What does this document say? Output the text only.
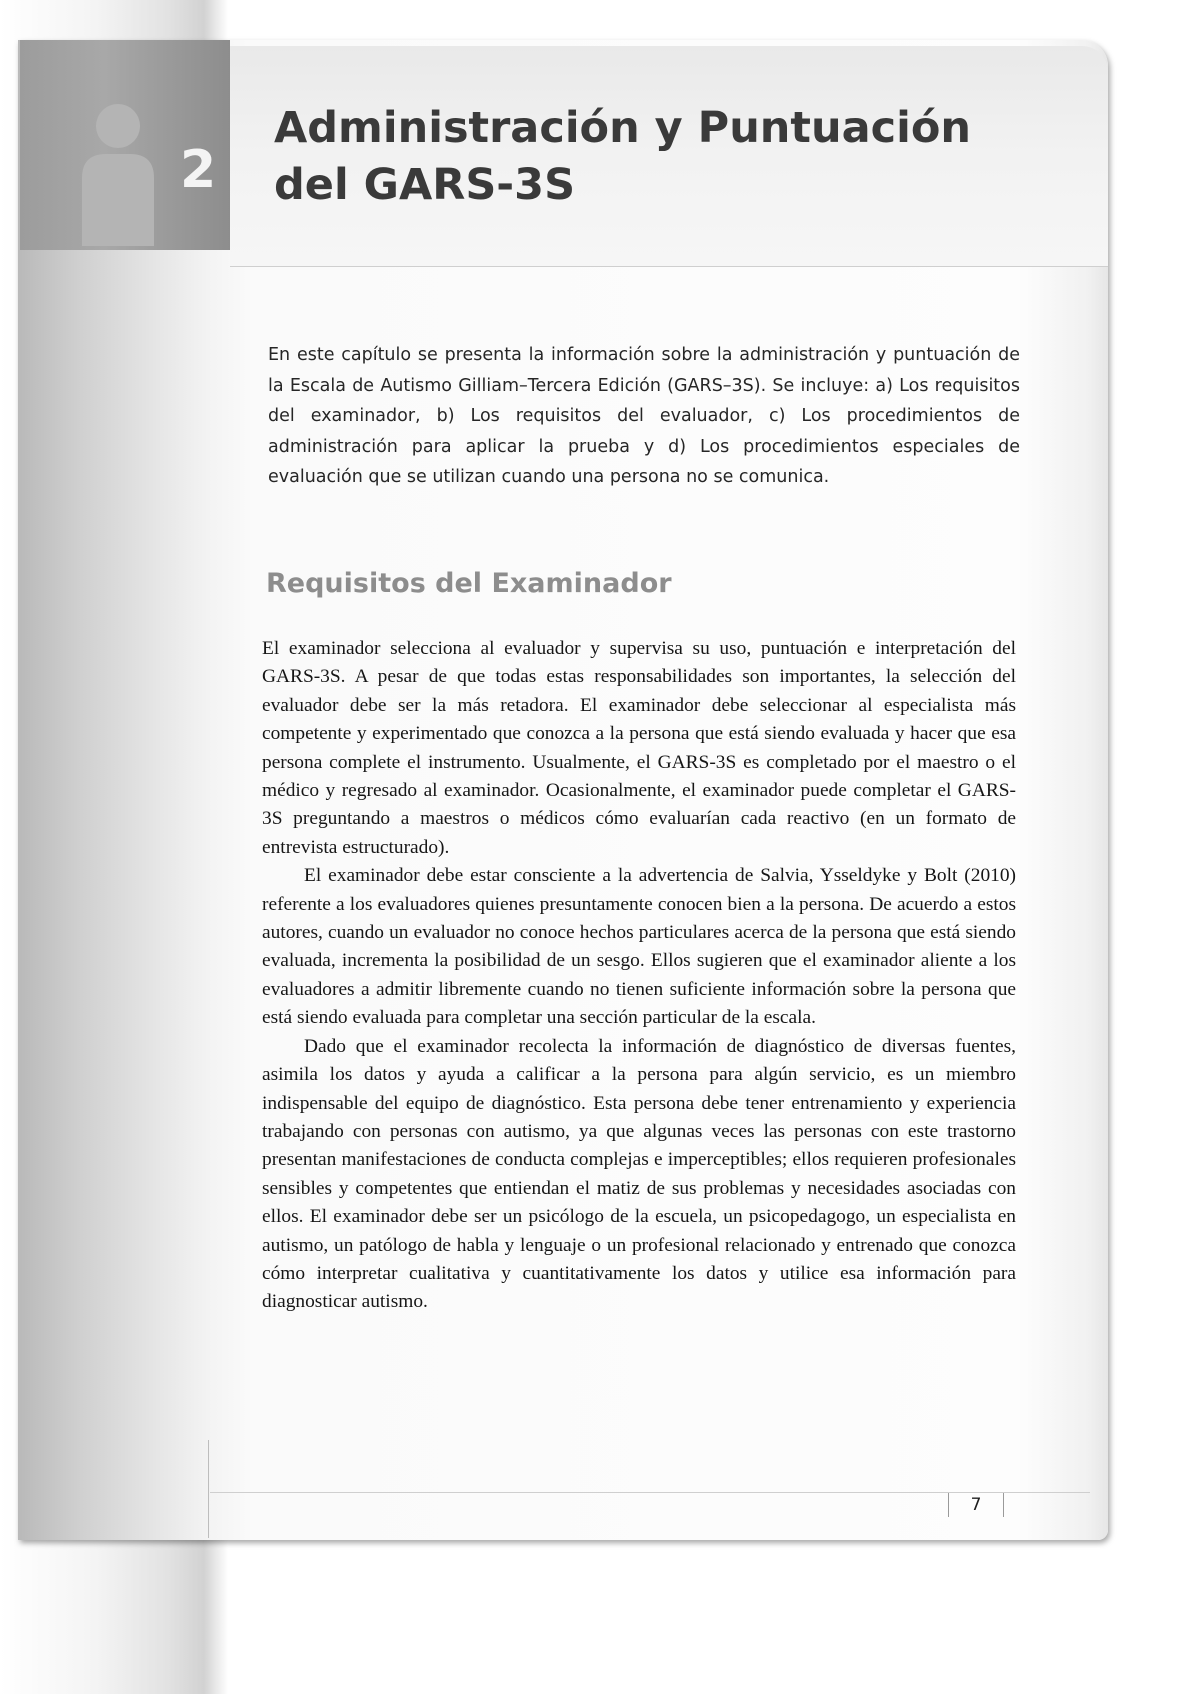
2
Administración y Puntuación
del GARS-3S

En este capítulo se presenta la información sobre la administración y puntuación de la Escala de Autismo Gilliam–Tercera Edición (GARS–3S). Se incluye: a) Los requisitos del examinador, b) Los requisitos del evaluador, c) Los procedimientos de administración para aplicar la prueba y d) Los procedimientos especiales de evaluación que se utilizan cuando una persona no se comunica.

Requisitos del Examinador

El examinador selecciona al evaluador y supervisa su uso, puntuación e interpretación del GARS-3S. A pesar de que todas estas responsabilidades son importantes, la selección del evaluador debe ser la más retadora. El examinador debe seleccionar al especialista más competente y experimentado que conozca a la persona que está siendo evaluada y hacer que esa persona complete el instrumento. Usualmente, el GARS-3S es completado por el maestro o el médico y regresado al examinador. Ocasionalmente, el examinador puede completar el GARS-3S preguntando a maestros o médicos cómo evaluarían cada reactivo (en un formato de entrevista estructurado).

El examinador debe estar consciente a la advertencia de Salvia, Ysseldyke y Bolt (2010) referente a los evaluadores quienes presuntamente conocen bien a la persona. De acuerdo a estos autores, cuando un evaluador no conoce hechos particulares acerca de la persona que está siendo evaluada, incrementa la posibilidad de un sesgo. Ellos sugieren que el examinador aliente a los evaluadores a admitir libremente cuando no tienen suficiente información sobre la persona que está siendo evaluada para completar una sección particular de la escala.

Dado que el examinador recolecta la información de diagnóstico de diversas fuentes, asimila los datos y ayuda a calificar a la persona para algún servicio, es un miembro indispensable del equipo de diagnóstico. Esta persona debe tener entrenamiento y experiencia trabajando con personas con autismo, ya que algunas veces las personas con este trastorno presentan manifestaciones de conducta complejas e imperceptibles; ellos requieren profesionales sensibles y competentes que entiendan el matiz de sus problemas y necesidades asociadas con ellos. El examinador debe ser un psicólogo de la escuela, un psicopedagogo, un especialista en autismo, un patólogo de habla y lenguaje o un profesional relacionado y entrenado que conozca cómo interpretar cualitativa y cuantitativamente los datos y utilice esa información para diagnosticar autismo.

7
